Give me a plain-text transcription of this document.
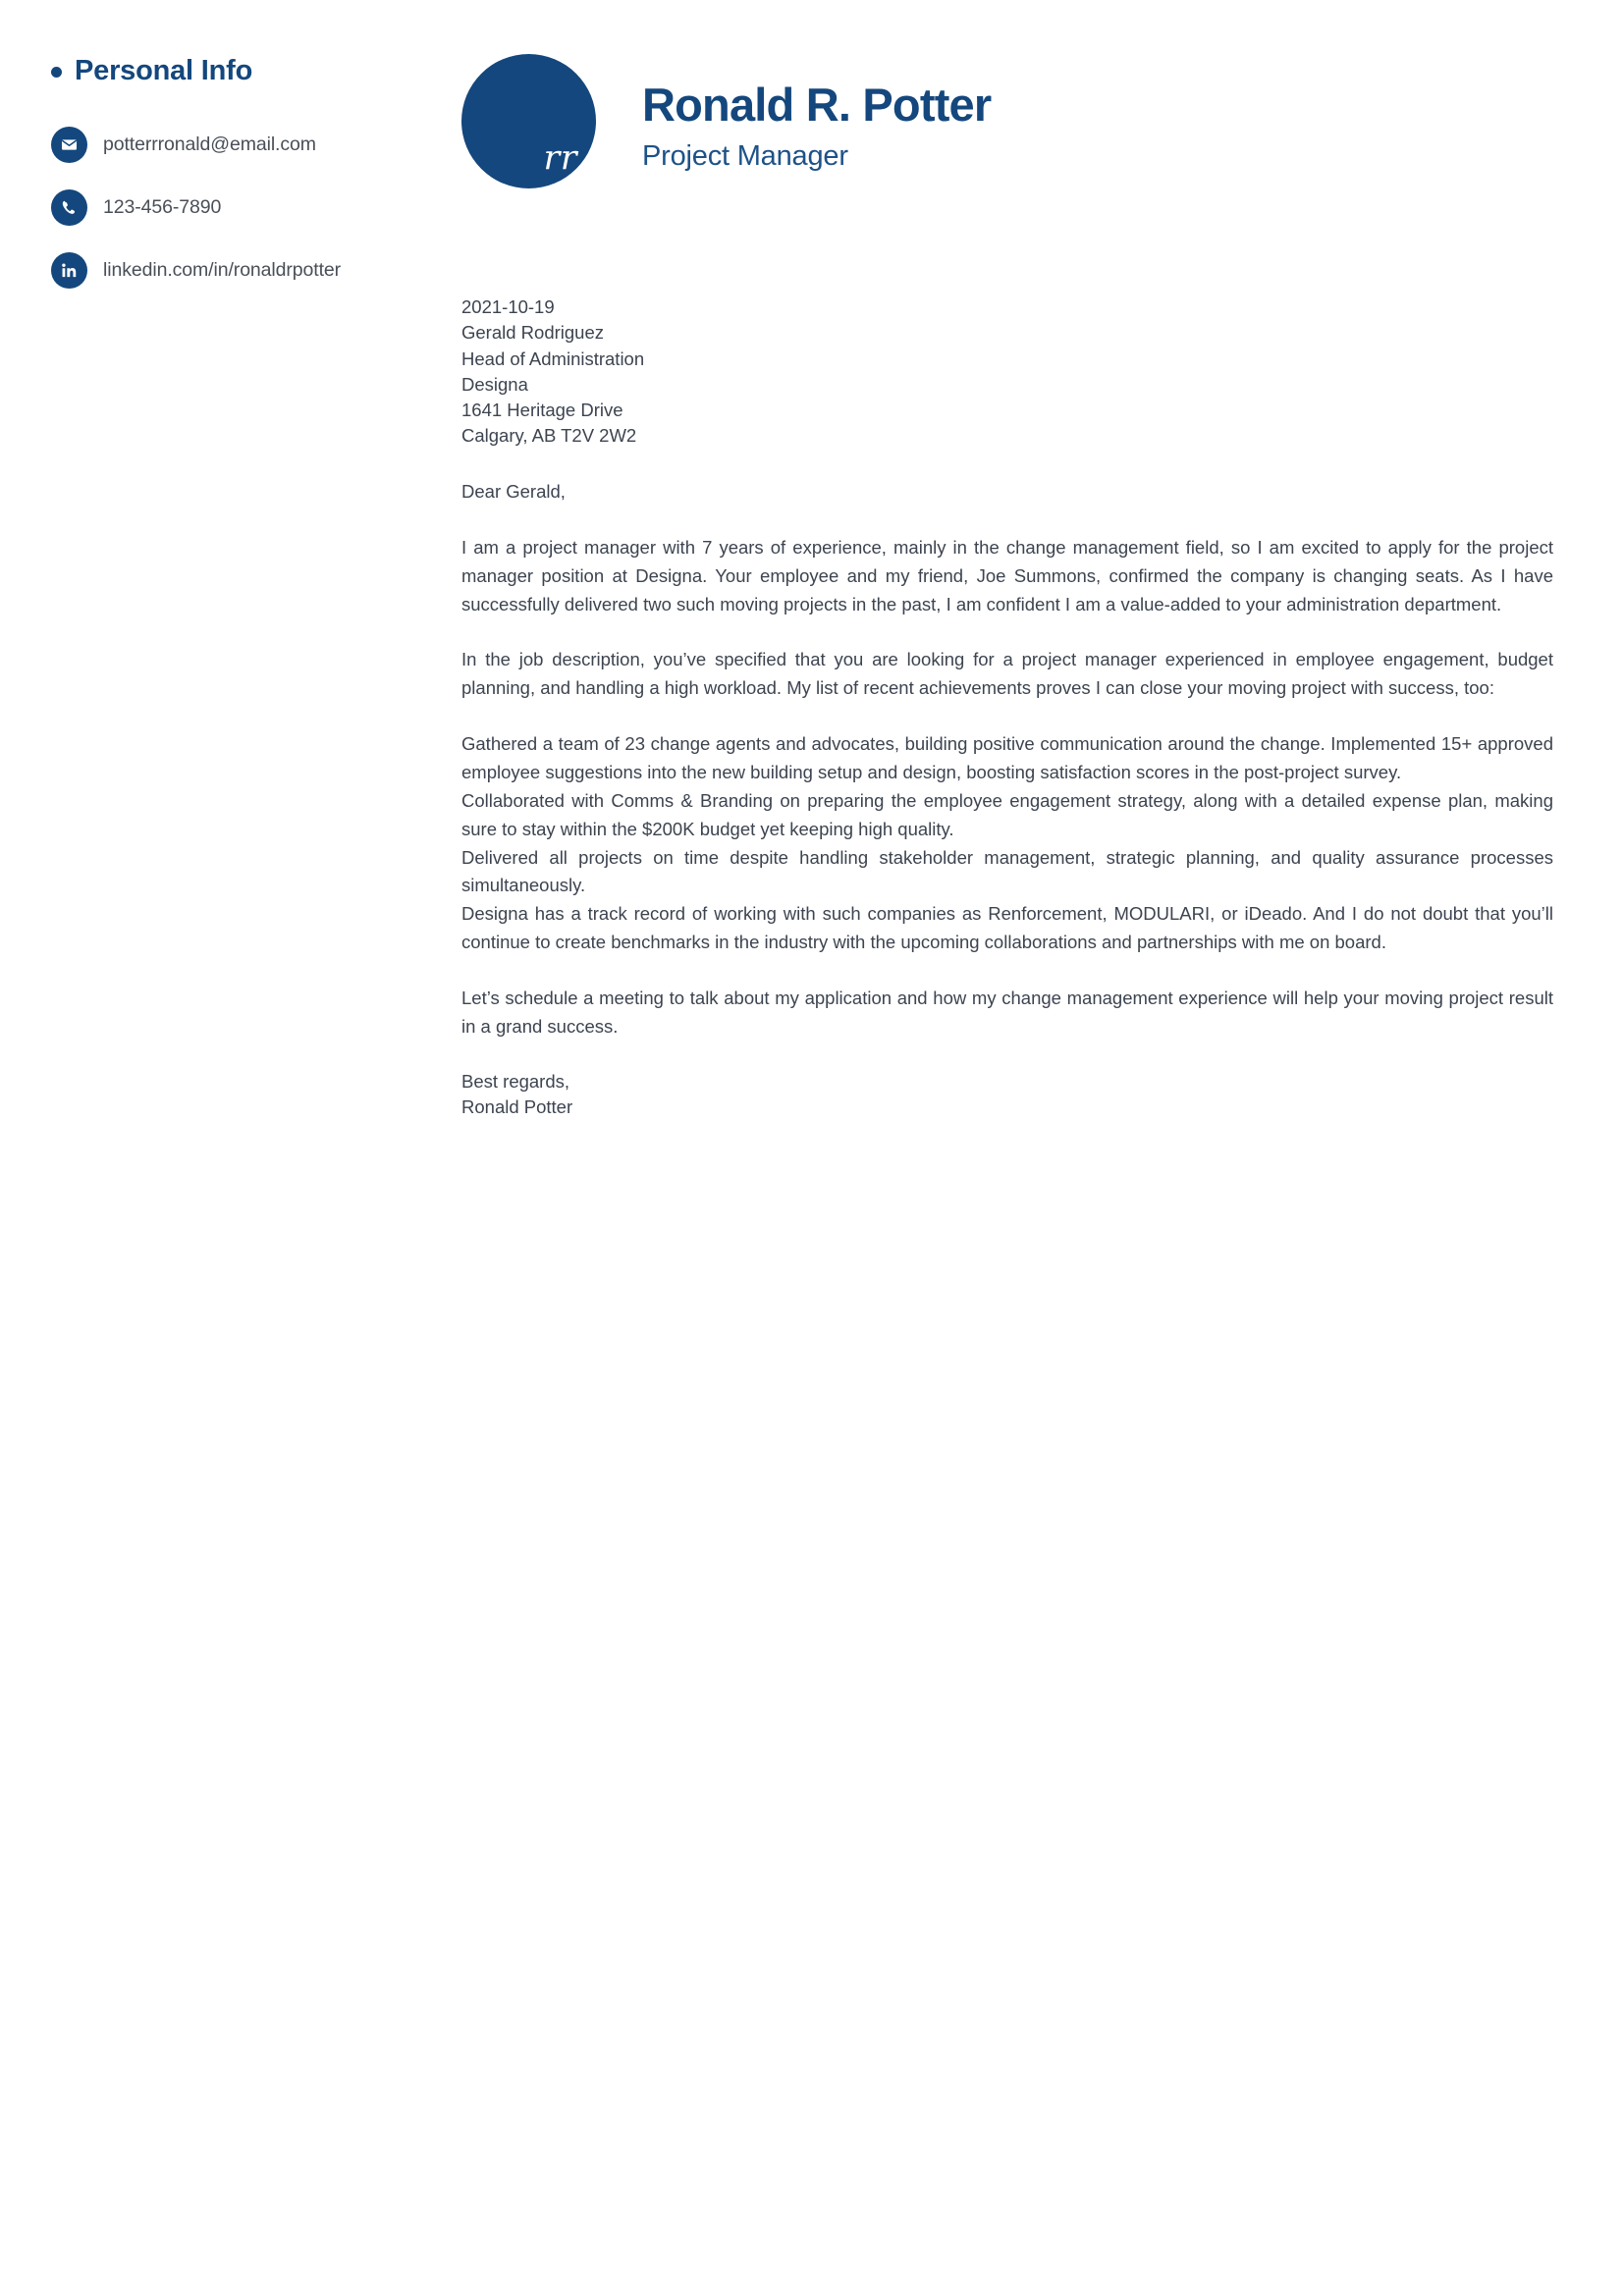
Personal Info
potterrronald@email.com
123-456-7890
linkedin.com/in/ronaldrpotter
rr
Ronald R. Potter
Project Manager
2021-10-19
Gerald Rodriguez
Head of Administration
Designa
1641 Heritage Drive
Calgary, AB T2V 2W2
Dear Gerald,

I am a project manager with 7 years of experience, mainly in the change management field, so I am excited to apply for the project manager position at Designa. Your employee and my friend, Joe Summons, confirmed the company is changing seats. As I have successfully delivered two such moving projects in the past, I am confident I am a value-added to your administration department.

In the job description, you’ve specified that you are looking for a project manager experienced in employee engagement, budget planning, and handling a high workload. My list of recent achievements proves I can close your moving project with success, too:

Gathered a team of 23 change agents and advocates, building positive communication around the change. Implemented 15+ approved employee suggestions into the new building setup and design, boosting satisfaction scores in the post-project survey.

Collaborated with Comms & Branding on preparing the employee engagement strategy, along with a detailed expense plan, making sure to stay within the $200K budget yet keeping high quality.

Delivered all projects on time despite handling stakeholder management, strategic planning, and quality assurance processes simultaneously.

Designa has a track record of working with such companies as Renforcement, MODULARI, or iDeado. And I do not doubt that you’ll continue to create benchmarks in the industry with the upcoming collaborations and partnerships with me on board.

Let’s schedule a meeting to talk about my application and how my change management experience will help your moving project result in a grand success.

Best regards,
Ronald Potter
